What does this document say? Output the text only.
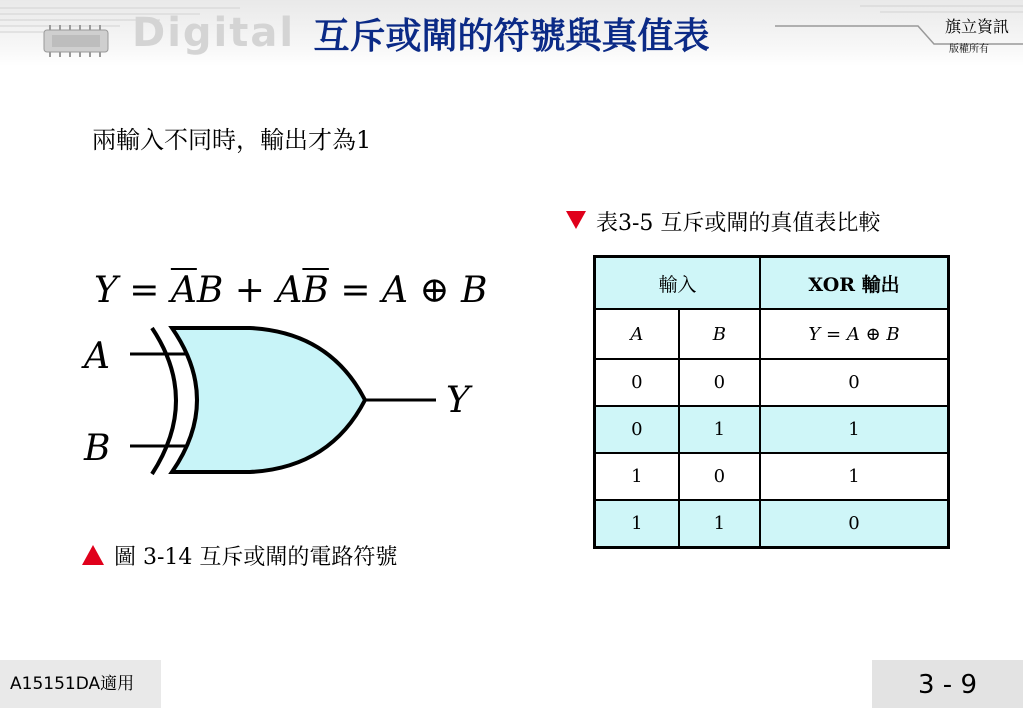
Digital 互斥或閘的符號與真值表	旗立資訊
版權所有
兩輸入不同時，輸出才為1
$Y = \overline{A}B + A\overline{B} = A$ ⊕ B
A
B
Y
圖 3-14 互斥或閘的電路符號
表3-5 互斥或閘的真值表比較
輸入		XOR 輸出
A	B	Y = A ⊕ B
0	0	0
0	1	1
1	0	1
1	1	0
A15151DA適用	3 - 9
